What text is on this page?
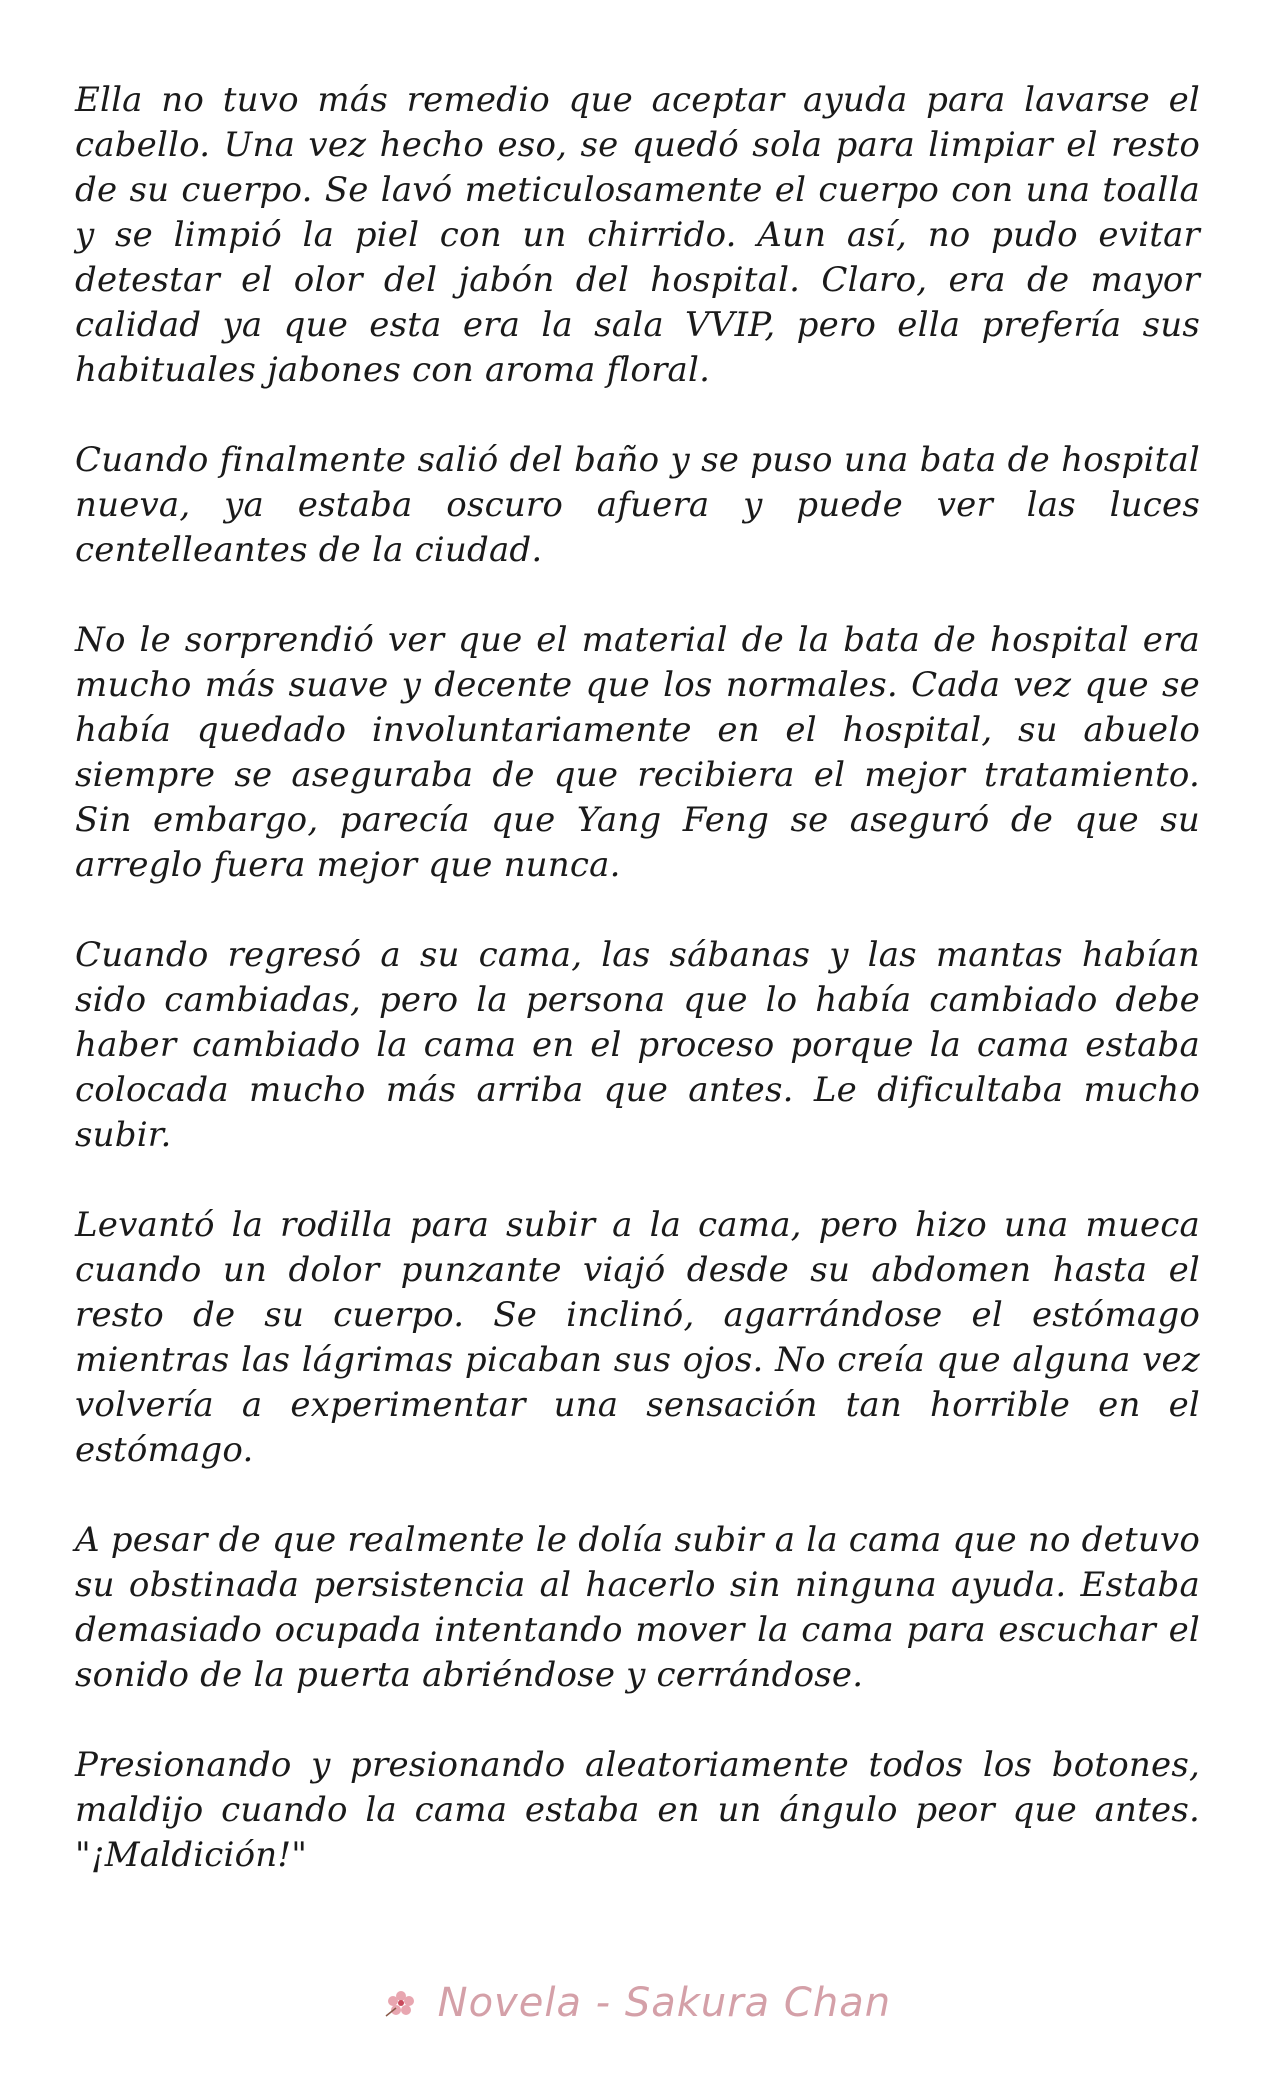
Ella no tuvo más remedio que aceptar ayuda para lavarse el cabello. Una vez hecho eso, se quedó sola para limpiar el resto de su cuerpo. Se lavó meticulosamente el cuerpo con una toalla y se limpió la piel con un chirrido. Aun así, no pudo evitar detestar el olor del jabón del hospital. Claro, era de mayor calidad ya que esta era la sala VVIP, pero ella prefería sus habituales jabones con aroma floral.

Cuando finalmente salió del baño y se puso una bata de hospital nueva, ya estaba oscuro afuera y puede ver las luces centelleantes de la ciudad.

No le sorprendió ver que el material de la bata de hospital era mucho más suave y decente que los normales. Cada vez que se había quedado involuntariamente en el hospital, su abuelo siempre se aseguraba de que recibiera el mejor tratamiento. Sin embargo, parecía que Yang Feng se aseguró de que su arreglo fuera mejor que nunca.

Cuando regresó a su cama, las sábanas y las mantas habían sido cambiadas, pero la persona que lo había cambiado debe haber cambiado la cama en el proceso porque la cama estaba colocada mucho más arriba que antes. Le dificultaba mucho subir.

Levantó la rodilla para subir a la cama, pero hizo una mueca cuando un dolor punzante viajó desde su abdomen hasta el resto de su cuerpo. Se inclinó, agarrándose el estómago mientras las lágrimas picaban sus ojos. No creía que alguna vez volvería a experimentar una sensación tan horrible en el estómago.

A pesar de que realmente le dolía subir a la cama que no detuvo su obstinada persistencia al hacerlo sin ninguna ayuda. Estaba demasiado ocupada intentando mover la cama para escuchar el sonido de la puerta abriéndose y cerrándose.

Presionando y presionando aleatoriamente todos los botones, maldijo cuando la cama estaba en un ángulo peor que antes. "¡Maldición!"

Novela - Sakura Chan
